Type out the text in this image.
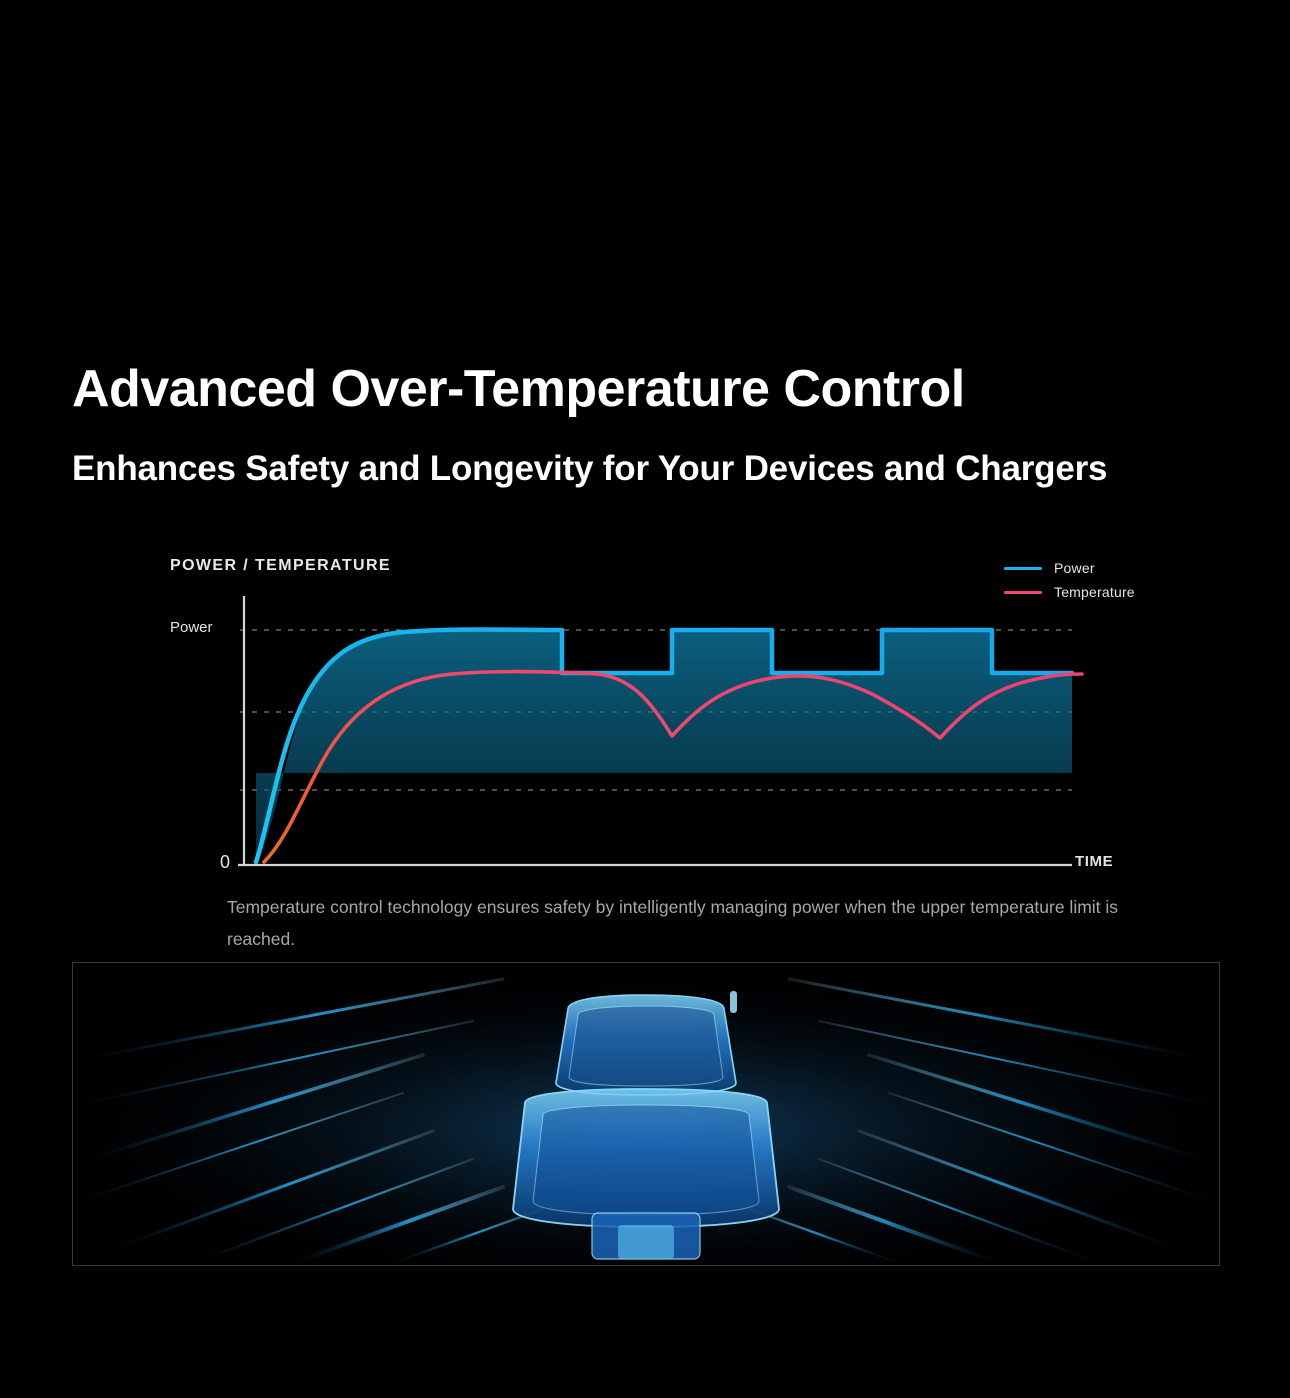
Advanced Over-Temperature Control
Enhances Safety and Longevity for Your Devices and Chargers
POWER / TEMPERATURE	Power
Temperature
Power
0	TIME
Temperature control technology ensures safety by intelligently managing power when the upper temperature limit is reached.
